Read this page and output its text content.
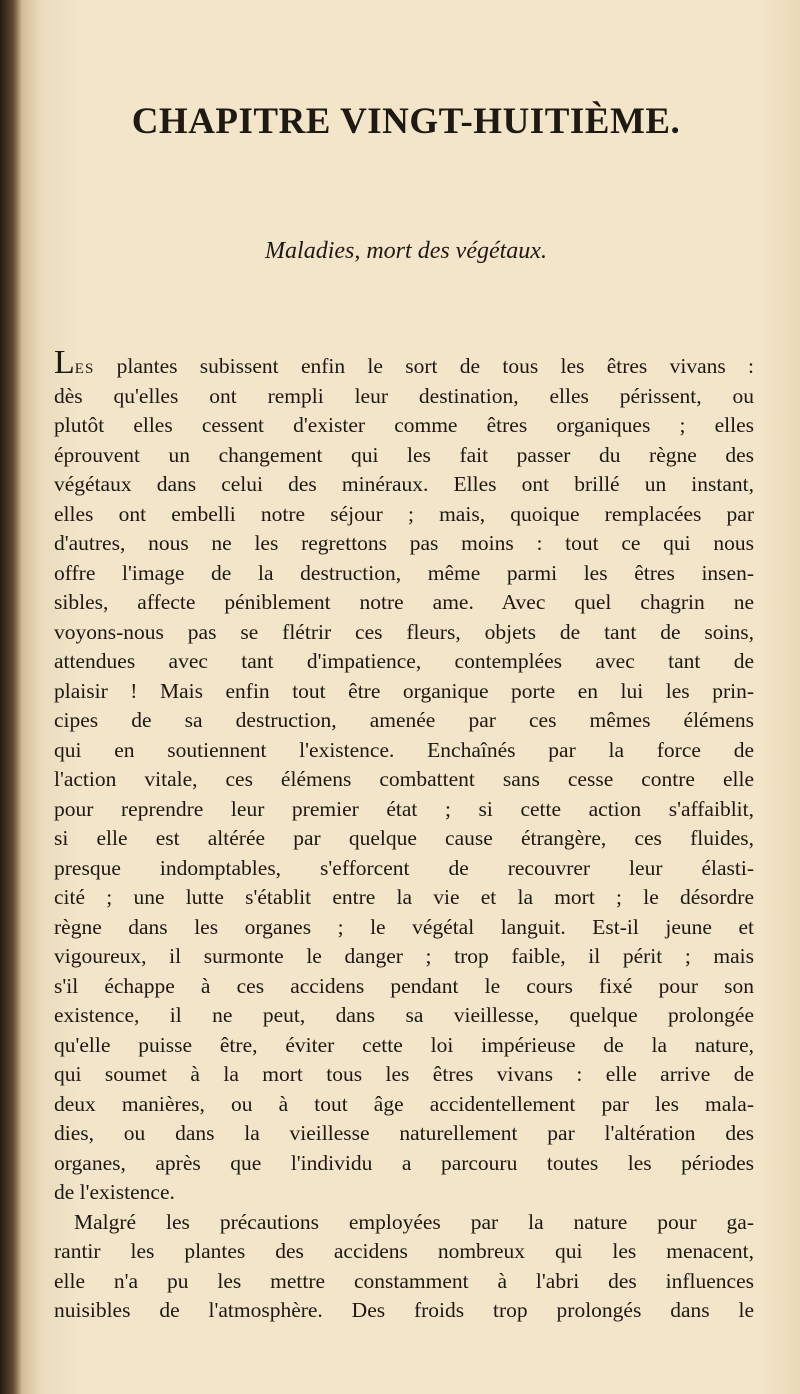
CHAPITRE VINGT-HUITIÈME.

Maladies, mort des végétaux.

LES plantes subissent enfin le sort de tous les êtres vivans :
dès qu'elles ont rempli leur destination, elles périssent, ou
plutôt elles cessent d'exister comme êtres organiques ; elles
éprouvent un changement qui les fait passer du règne des
végétaux dans celui des minéraux. Elles ont brillé un instant,
elles ont embelli notre séjour ; mais, quoique remplacées par
d'autres, nous ne les regrettons pas moins : tout ce qui nous
offre l'image de la destruction, même parmi les êtres insen-
sibles, affecte péniblement notre ame. Avec quel chagrin ne
voyons-nous pas se flétrir ces fleurs, objets de tant de soins,
attendues avec tant d'impatience, contemplées avec tant de
plaisir ! Mais enfin tout être organique porte en lui les prin-
cipes de sa destruction, amenée par ces mêmes élémens
qui en soutiennent l'existence. Enchaînés par la force de
l'action vitale, ces élémens combattent sans cesse contre elle
pour reprendre leur premier état ; si cette action s'affaiblit,
si elle est altérée par quelque cause étrangère, ces fluides,
presque indomptables, s'efforcent de recouvrer leur élasti-
cité ; une lutte s'établit entre la vie et la mort ; le désordre
règne dans les organes ; le végétal languit. Est-il jeune et
vigoureux, il surmonte le danger ; trop faible, il périt ; mais
s'il échappe à ces accidens pendant le cours fixé pour son
existence, il ne peut, dans sa vieillesse, quelque prolongée
qu'elle puisse être, éviter cette loi impérieuse de la nature,
qui soumet à la mort tous les êtres vivans : elle arrive de
deux manières, ou à tout âge accidentellement par les mala-
dies, ou dans la vieillesse naturellement par l'altération des
organes, après que l'individu a parcouru toutes les périodes
de l'existence.
Malgré les précautions employées par la nature pour ga-
rantir les plantes des accidens nombreux qui les menacent,
elle n'a pu les mettre constamment à l'abri des influences
nuisibles de l'atmosphère. Des froids trop prolongés dans le
